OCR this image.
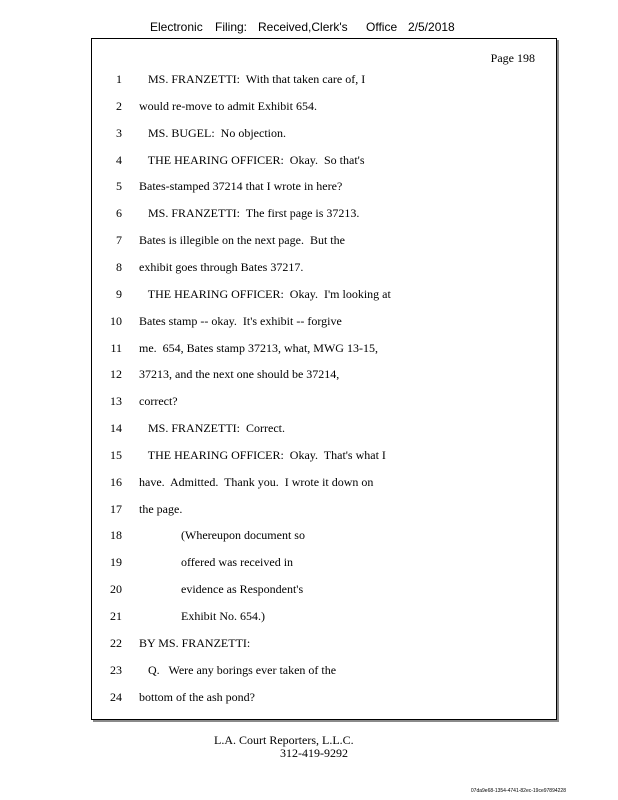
Electronic Filing: Received,Clerk's Office 2/5/2018
Page 198
1 MS. FRANZETTI:  With that taken care of, I
2 would re-move to admit Exhibit 654.
3 MS. BUGEL:  No objection.
4 THE HEARING OFFICER:  Okay.  So that's
5 Bates-stamped 37214 that I wrote in here?
6 MS. FRANZETTI:  The first page is 37213.
7 Bates is illegible on the next page.  But the
8 exhibit goes through Bates 37217.
9 THE HEARING OFFICER:  Okay.  I'm looking at
10 Bates stamp -- okay.  It's exhibit -- forgive
11 me.  654, Bates stamp 37213, what, MWG 13-15,
12 37213, and the next one should be 37214,
13 correct?
14 MS. FRANZETTI:  Correct.
15 THE HEARING OFFICER:  Okay.  That's what I
16 have.  Admitted.  Thank you.  I wrote it down on
17 the page.
18 (Whereupon document so
19 offered was received in
20 evidence as Respondent's
21 Exhibit No. 654.)
22 BY MS. FRANZETTI:
23 Q.   Were any borings ever taken of the
24 bottom of the ash pond?
L.A. Court Reporters, L.L.C.
312-419-9292
07da9e68-1354-4741-82ec-19ce97894228
